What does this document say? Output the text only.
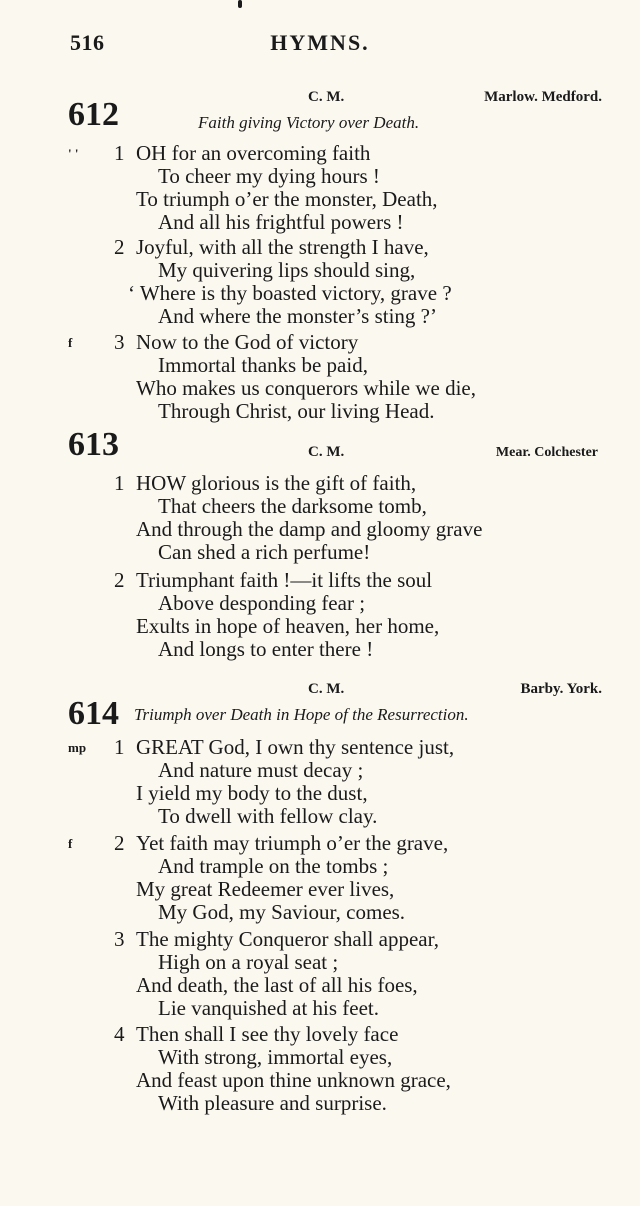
516	HYMNS.
612	C. M.	Marlow. Medford.
Faith giving Victory over Death.
' ' 1 OH for an overcoming faith
To cheer my dying hours !
To triumph o’er the monster, Death,
And all his frightful powers !
2 Joyful, with all the strength I have,
My quivering lips should sing,
‘ Where is thy boasted victory, grave ?
And where the monster’s sting ?’
f 3 Now to the God of victory
Immortal thanks be paid,
Who makes us conquerors while we die,
Through Christ, our living Head.
613	C. M.	Mear. Colchester
1 HOW glorious is the gift of faith,
That cheers the darksome tomb,
And through the damp and gloomy grave
Can shed a rich perfume!
2 Triumphant faith !—it lifts the soul
Above desponding fear ;
Exults in hope of heaven, her home,
And longs to enter there !
C. M.	Barby. York.
614 Triumph over Death in Hope of the Resurrection.
mp 1 GREAT God, I own thy sentence just,
And nature must decay ;
I yield my body to the dust,
To dwell with fellow clay.
f 2 Yet faith may triumph o’er the grave,
And trample on the tombs ;
My great Redeemer ever lives,
My God, my Saviour, comes.
3 The mighty Conqueror shall appear,
High on a royal seat ;
And death, the last of all his foes,
Lie vanquished at his feet.
4 Then shall I see thy lovely face
With strong, immortal eyes,
And feast upon thine unknown grace,
With pleasure and surprise.
